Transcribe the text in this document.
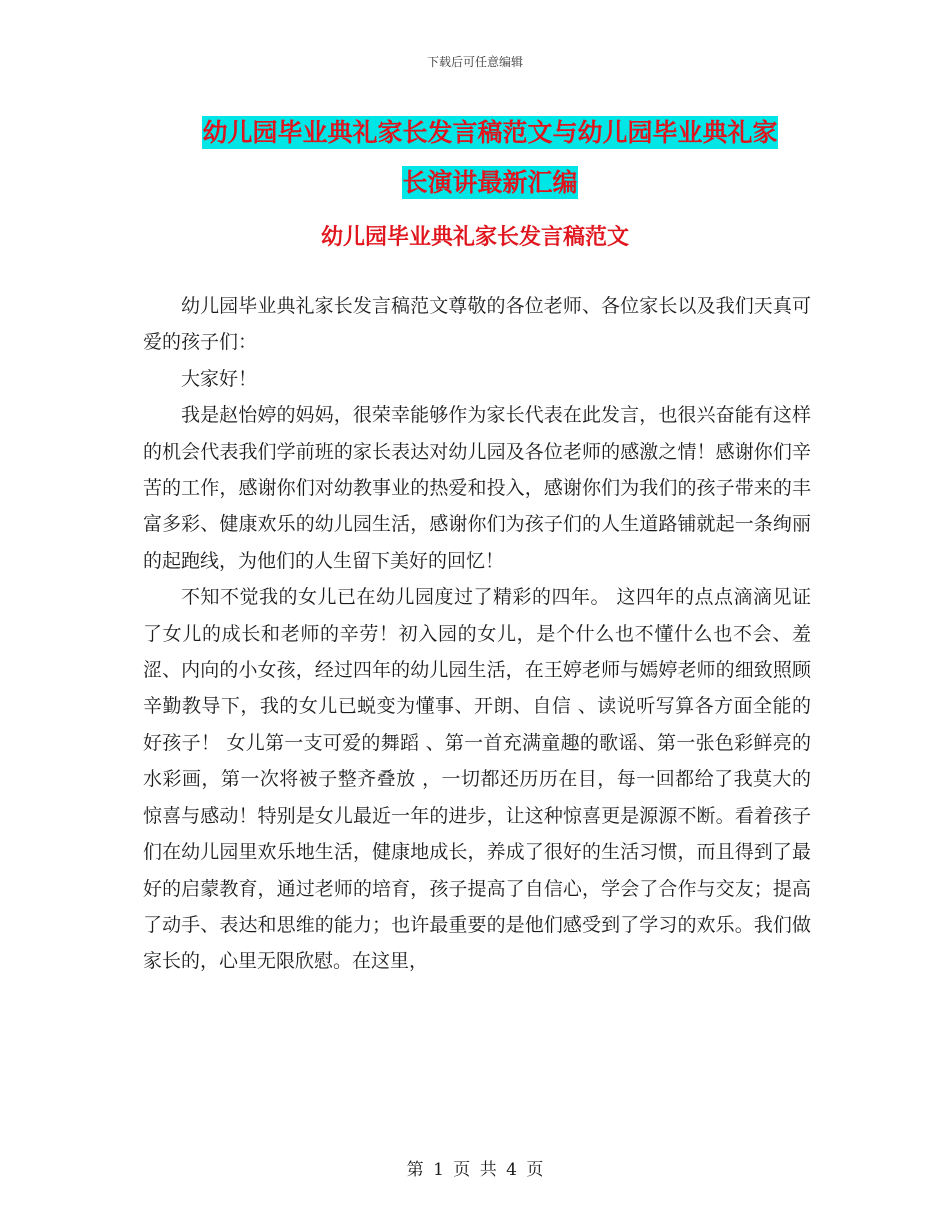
下载后可任意编辑
幼儿园毕业典礼家长发言稿范文与幼儿园毕业典礼家
长演讲最新汇编
幼儿园毕业典礼家长发言稿范文

幼儿园毕业典礼家长发言稿范文尊敬的各位老师、各位家长以及我们天真可爱的孩子们：

大家好！

我是赵怡婷的妈妈，很荣幸能够作为家长代表在此发言，也很兴奋能有这样的机会代表我们学前班的家长表达对幼儿园及各位老师的感激之情！感谢你们辛苦的工作，感谢你们对幼教事业的热爱和投入，感谢你们为我们的孩子带来的丰富多彩、健康欢乐的幼儿园生活，感谢你们为孩子们的人生道路铺就起一条绚丽的起跑线，为他们的人生留下美好的回忆！

不知不觉我的女儿已在幼儿园度过了精彩的四年。 这四年的点点滴滴见证了女儿的成长和老师的辛劳！初入园的女儿，是个什么也不懂什么也不会、羞涩、内向的小女孩，经过四年的幼儿园生活，在王婷老师与嫣婷老师的细致照顾辛勤教导下，我的女儿已蜕变为懂事、开朗、自信 、读说听写算各方面全能的好孩子！ 女儿第一支可爱的舞蹈 、第一首充满童趣的歌谣、第一张色彩鲜亮的水彩画，第一次将被子整齐叠放 ，一切都还历历在目，每一回都给了我莫大的惊喜与感动！特别是女儿最近一年的进步，让这种惊喜更是源源不断。看着孩子们在幼儿园里欢乐地生活，健康地成长，养成了很好的生活习惯，而且得到了最好的启蒙教育，通过老师的培育，孩子提高了自信心，学会了合作与交友；提高了动手、表达和思维的能力；也许最重要的是他们感受到了学习的欢乐。我们做家长的，心里无限欣慰。在这里，

第 1 页 共 4 页
